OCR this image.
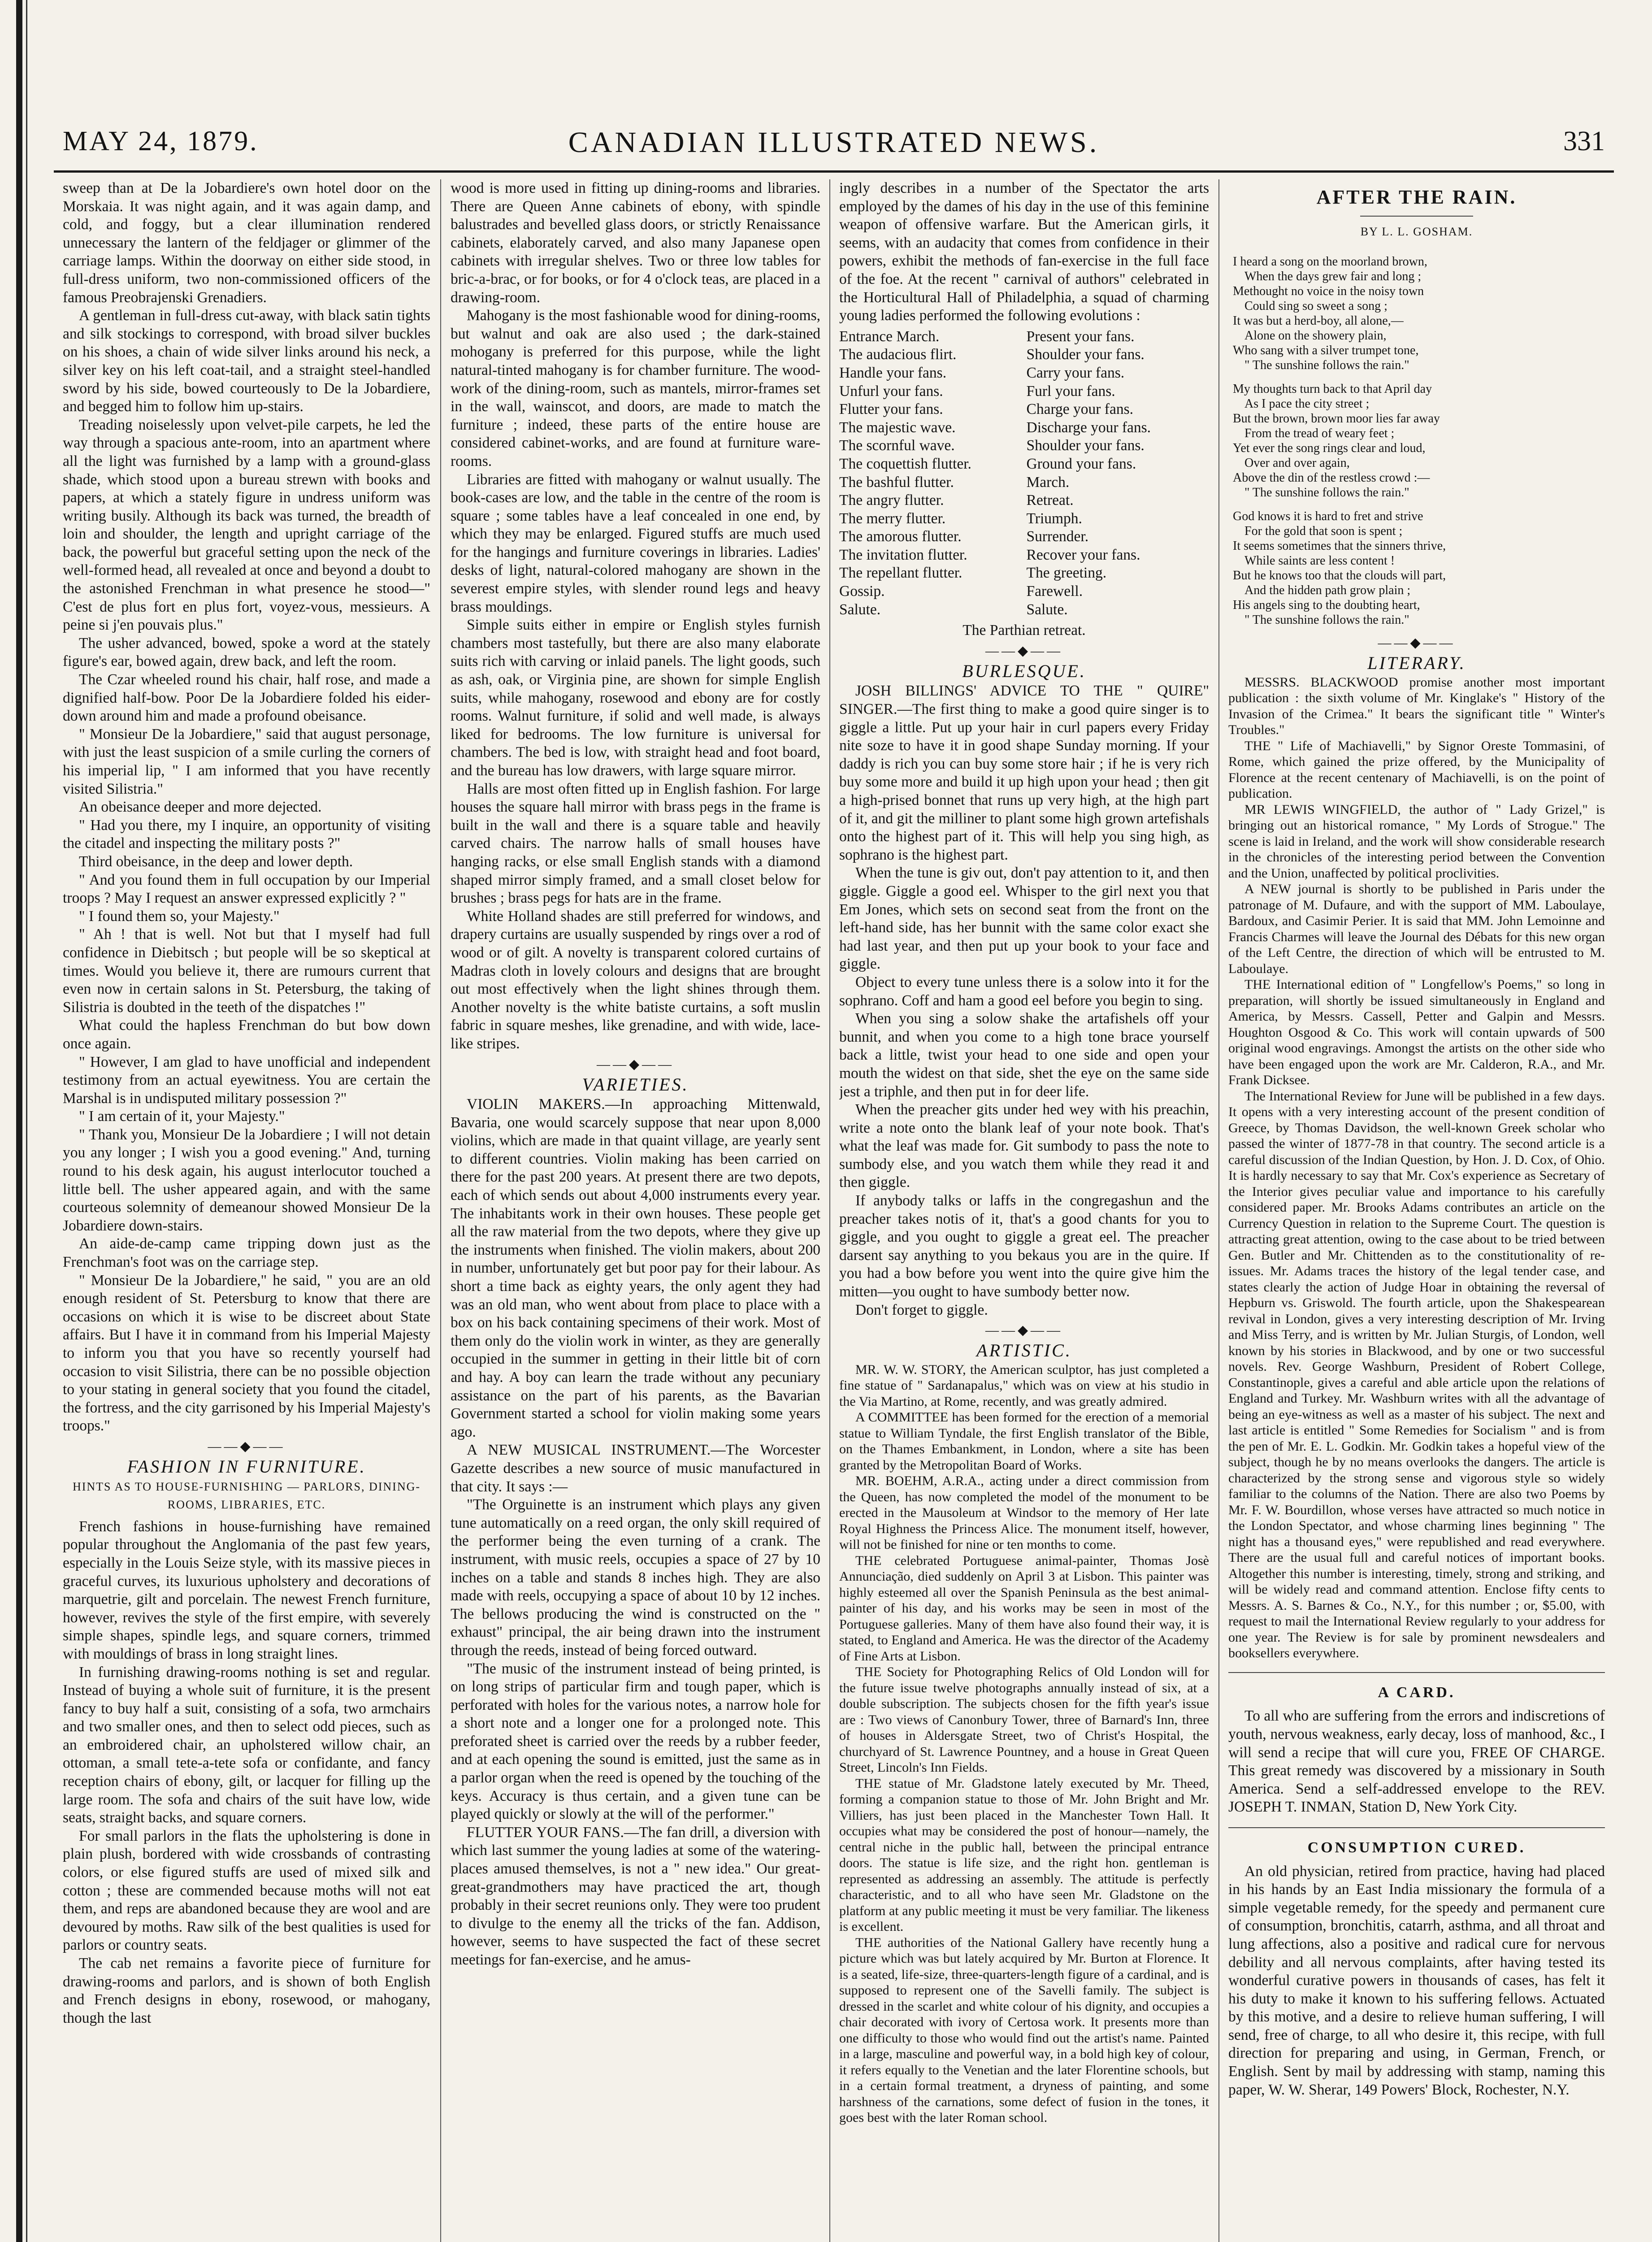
MAY 24, 1879.	CANADIAN ILLUSTRATED NEWS.	331

sweep than at De la Jobardiere's own hotel door on the Morskaia. It was night again, and it was again damp, and cold, and foggy, but a clear illumination rendered unnecessary the lantern of the feldjager or glimmer of the carriage lamps. Within the doorway on either side stood, in full-dress uniform, two non-commissioned officers of the famous Preobrajenski Grenadiers.

A gentleman in full-dress cut-away, with black satin tights and silk stockings to correspond, with broad silver buckles on his shoes, a chain of wide silver links around his neck, a silver key on his left coat-tail, and a straight steel-handled sword by his side, bowed courteously to De la Jobardiere, and begged him to follow him up-stairs.

Treading noiselessly upon velvet-pile carpets, he led the way through a spacious ante-room, into an apartment where all the light was furnished by a lamp with a ground-glass shade, which stood upon a bureau strewn with books and papers, at which a stately figure in undress uniform was writing busily. Although its back was turned, the breadth of loin and shoulder, the length and upright carriage of the back, the powerful but graceful setting upon the neck of the well-formed head, all revealed at once and beyond a doubt to the astonished Frenchman in what presence he stood—" C'est de plus fort en plus fort, voyez-vous, messieurs. A peine si j'en pouvais plus."

The usher advanced, bowed, spoke a word at the stately figure's ear, bowed again, drew back, and left the room.

The Czar wheeled round his chair, half rose, and made a dignified half-bow. Poor De la Jobardiere folded his eider-down around him and made a profound obeisance.

" Monsieur De la Jobardiere," said that august personage, with just the least suspicion of a smile curling the corners of his imperial lip, " I am informed that you have recently visited Silistria."

An obeisance deeper and more dejected.

" Had you there, my I inquire, an opportunity of visiting the citadel and inspecting the military posts ?"

Third obeisance, in the deep and lower depth.

" And you found them in full occupation by our Imperial troops ? May I request an answer expressed explicitly ? "

" I found them so, your Majesty."

" Ah ! that is well. Not but that I myself had full confidence in Diebitsch ; but people will be so skeptical at times. Would you believe it, there are rumours current that even now in certain salons in St. Petersburg, the taking of Silistria is doubted in the teeth of the dispatches !"

What could the hapless Frenchman do but bow down once again.

" However, I am glad to have unofficial and independent testimony from an actual eyewitness. You are certain the Marshal is in undisputed military possession ?"

" I am certain of it, your Majesty."

" Thank you, Monsieur De la Jobardiere ; I will not detain you any longer ; I wish you a good evening." And, turning round to his desk again, his august interlocutor touched a little bell. The usher appeared again, and with the same courteous solemnity of demeanour showed Monsieur De la Jobardiere down-stairs.

An aide-de-camp came tripping down just as the Frenchman's foot was on the carriage step.

" Monsieur De la Jobardiere," he said, " you are an old enough resident of St. Petersburg to know that there are occasions on which it is wise to be discreet about State affairs. But I have it in command from his Imperial Majesty to inform you that you have so recently yourself had occasion to visit Silistria, there can be no possible objection to your stating in general society that you found the citadel, the fortress, and the city garrisoned by his Imperial Majesty's troops."

——◆——
FASHION IN FURNITURE.
HINTS AS TO HOUSE-FURNISHING — PARLORS, DINING-ROOMS, LIBRARIES, ETC.

French fashions in house-furnishing have remained popular throughout the Anglomania of the past few years, especially in the Louis Seize style, with its massive pieces in graceful curves, its luxurious upholstery and decorations of marquetrie, gilt and porcelain. The newest French furniture, however, revives the style of the first empire, with severely simple shapes, spindle legs, and square corners, trimmed with mouldings of brass in long straight lines.

In furnishing drawing-rooms nothing is set and regular. Instead of buying a whole suit of furniture, it is the present fancy to buy half a suit, consisting of a sofa, two armchairs and two smaller ones, and then to select odd pieces, such as an embroidered chair, an upholstered willow chair, an ottoman, a small tete-a-tete sofa or confidante, and fancy reception chairs of ebony, gilt, or lacquer for filling up the large room. The sofa and chairs of the suit have low, wide seats, straight backs, and square corners.

For small parlors in the flats the upholstering is done in plain plush, bordered with wide crossbands of contrasting colors, or else figured stuffs are used of mixed silk and cotton ; these are commended because moths will not eat them, and reps are abandoned because they are wool and are devoured by moths. Raw silk of the best qualities is used for parlors or country seats.

The cab net remains a favorite piece of furniture for drawing-rooms and parlors, and is shown of both English and French designs in ebony, rosewood, or mahogany, though the last

wood is more used in fitting up dining-rooms and libraries. There are Queen Anne cabinets of ebony, with spindle balustrades and bevelled glass doors, or strictly Renaissance cabinets, elaborately carved, and also many Japanese open cabinets with irregular shelves. Two or three low tables for bric-a-brac, or for books, or for 4 o'clock teas, are placed in a drawing-room.

Mahogany is the most fashionable wood for dining-rooms, but walnut and oak are also used ; the dark-stained mohogany is preferred for this purpose, while the light natural-tinted mahogany is for chamber furniture. The wood-work of the dining-room, such as mantels, mirror-frames set in the wall, wainscot, and doors, are made to match the furniture ; indeed, these parts of the entire house are considered cabinet-works, and are found at furniture ware-rooms.

Libraries are fitted with mahogany or walnut usually. The book-cases are low, and the table in the centre of the room is square ; some tables have a leaf concealed in one end, by which they may be enlarged. Figured stuffs are much used for the hangings and furniture coverings in libraries. Ladies' desks of light, natural-colored mahogany are shown in the severest empire styles, with slender round legs and heavy brass mouldings.

Simple suits either in empire or English styles furnish chambers most tastefully, but there are also many elaborate suits rich with carving or inlaid panels. The light goods, such as ash, oak, or Virginia pine, are shown for simple English suits, while mahogany, rosewood and ebony are for costly rooms. Walnut furniture, if solid and well made, is always liked for bedrooms. The low furniture is universal for chambers. The bed is low, with straight head and foot board, and the bureau has low drawers, with large square mirror.

Halls are most often fitted up in English fashion. For large houses the square hall mirror with brass pegs in the frame is built in the wall and there is a square table and heavily carved chairs. The narrow halls of small houses have hanging racks, or else small English stands with a diamond shaped mirror simply framed, and a small closet below for brushes ; brass pegs for hats are in the frame.

White Holland shades are still preferred for windows, and drapery curtains are usually suspended by rings over a rod of wood or of gilt. A novelty is transparent colored curtains of Madras cloth in lovely colours and designs that are brought out most effectively when the light shines through them. Another novelty is the white batiste curtains, a soft muslin fabric in square meshes, like grenadine, and with wide, lace-like stripes.

——◆——
VARIETIES.

VIOLIN MAKERS.—In approaching Mittenwald, Bavaria, one would scarcely suppose that near upon 8,000 violins, which are made in that quaint village, are yearly sent to different countries. Violin making has been carried on there for the past 200 years. At present there are two depots, each of which sends out about 4,000 instruments every year. The inhabitants work in their own houses. These people get all the raw material from the two depots, where they give up the instruments when finished. The violin makers, about 200 in number, unfortunately get but poor pay for their labour. As short a time back as eighty years, the only agent they had was an old man, who went about from place to place with a box on his back containing specimens of their work. Most of them only do the violin work in winter, as they are generally occupied in the summer in getting in their little bit of corn and hay. A boy can learn the trade without any pecuniary assistance on the part of his parents, as the Bavarian Government started a school for violin making some years ago.

A NEW MUSICAL INSTRUMENT.—The Worcester Gazette describes a new source of music manufactured in that city. It says :—

"The Orguinette is an instrument which plays any given tune automatically on a reed organ, the only skill required of the performer being the even turning of a crank. The instrument, with music reels, occupies a space of 27 by 10 inches on a table and stands 8 inches high. They are also made with reels, occupying a space of about 10 by 12 inches. The bellows producing the wind is constructed on the " exhaust" principal, the air being drawn into the instrument through the reeds, instead of being forced outward.

"The music of the instrument instead of being printed, is on long strips of particular firm and tough paper, which is perforated with holes for the various notes, a narrow hole for a short note and a longer one for a prolonged note. This preforated sheet is carried over the reeds by a rubber feeder, and at each opening the sound is emitted, just the same as in a parlor organ when the reed is opened by the touching of the keys. Accuracy is thus certain, and a given tune can be played quickly or slowly at the will of the performer."

FLUTTER YOUR FANS.—The fan drill, a diversion with which last summer the young ladies at some of the watering-places amused themselves, is not a " new idea." Our great-great-grandmothers may have practiced the art, though probably in their secret reunions only. They were too prudent to divulge to the enemy all the tricks of the fan. Addison, however, seems to have suspected the fact of these secret meetings for fan-exercise, and he amus-

ingly describes in a number of the Spectator the arts employed by the dames of his day in the use of this feminine weapon of offensive warfare. But the American girls, it seems, with an audacity that comes from confidence in their powers, exhibit the methods of fan-exercise in the full face of the foe. At the recent " carnival of authors" celebrated in the Horticultural Hall of Philadelphia, a squad of charming young ladies performed the following evolutions :

Entrance March.	Present your fans.
The audacious flirt.	Shoulder your fans.
Handle your fans.	Carry your fans.
Unfurl your fans.	Furl your fans.
Flutter your fans.	Charge your fans.
The majestic wave.	Discharge your fans.
The scornful wave.	Shoulder your fans.
The coquettish flutter.	Ground your fans.
The bashful flutter.	March.
The angry flutter.	Retreat.
The merry flutter.	Triumph.
The amorous flutter.	Surrender.
The invitation flutter.	Recover your fans.
The repellant flutter.	The greeting.
Gossip.	Farewell.
Salute.	Salute.
The Parthian retreat.
——◆——
BURLESQUE.

JOSH BILLINGS' ADVICE TO THE " QUIRE" SINGER.—The first thing to make a good quire singer is to giggle a little. Put up your hair in curl papers every Friday nite soze to have it in good shape Sunday morning. If your daddy is rich you can buy some store hair ; if he is very rich buy some more and build it up high upon your head ; then git a high-prised bonnet that runs up very high, at the high part of it, and git the milliner to plant some high grown artefishals onto the highest part of it. This will help you sing high, as sophrano is the highest part.

When the tune is giv out, don't pay attention to it, and then giggle. Giggle a good eel. Whisper to the girl next you that Em Jones, which sets on second seat from the front on the left-hand side, has her bunnit with the same color exact she had last year, and then put up your book to your face and giggle.

Object to every tune unless there is a solow into it for the sophrano. Coff and ham a good eel before you begin to sing.

When you sing a solow shake the artafishels off your bunnit, and when you come to a high tone brace yourself back a little, twist your head to one side and open your mouth the widest on that side, shet the eye on the same side jest a triphle, and then put in for deer life.

When the preacher gits under hed wey with his preachin, write a note onto the blank leaf of your note book. That's what the leaf was made for. Git sumbody to pass the note to sumbody else, and you watch them while they read it and then giggle.

If anybody talks or laffs in the congregashun and the preacher takes notis of it, that's a good chants for you to giggle, and you ought to giggle a great eel. The preacher darsent say anything to you bekaus you are in the quire. If you had a bow before you went into the quire give him the mitten—you ought to have sumbody better now.

Don't forget to giggle.

——◆——
ARTISTIC.

MR. W. W. STORY, the American sculptor, has just completed a fine statue of " Sardanapalus," which was on view at his studio in the Via Martino, at Rome, recently, and was greatly admired.

A COMMITTEE has been formed for the erection of a memorial statue to William Tyndale, the first English translator of the Bible, on the Thames Embankment, in London, where a site has been granted by the Metropolitan Board of Works.

MR. BOEHM, A.R.A., acting under a direct commission from the Queen, has now completed the model of the monument to be erected in the Mausoleum at Windsor to the memory of Her late Royal Highness the Princess Alice. The monument itself, however, will not be finished for nine or ten months to come.

THE celebrated Portuguese animal-painter, Thomas Josè Annunciação, died suddenly on April 3 at Lisbon. This painter was highly esteemed all over the Spanish Peninsula as the best animal-painter of his day, and his works may be seen in most of the Portuguese galleries. Many of them have also found their way, it is stated, to England and America. He was the director of the Academy of Fine Arts at Lisbon.

THE Society for Photographing Relics of Old London will for the future issue twelve photographs annually instead of six, at a double subscription. The subjects chosen for the fifth year's issue are : Two views of Canonbury Tower, three of Barnard's Inn, three of houses in Aldersgate Street, two of Christ's Hospital, the churchyard of St. Lawrence Pountney, and a house in Great Queen Street, Lincoln's Inn Fields.

THE statue of Mr. Gladstone lately executed by Mr. Theed, forming a companion statue to those of Mr. John Bright and Mr. Villiers, has just been placed in the Manchester Town Hall. It occupies what may be considered the post of honour—namely, the central niche in the public hall, between the principal entrance doors. The statue is life size, and the right hon. gentleman is represented as addressing an assembly. The attitude is perfectly characteristic, and to all who have seen Mr. Gladstone on the platform at any public meeting it must be very familiar. The likeness is excellent.

THE authorities of the National Gallery have recently hung a picture which was but lately acquired by Mr. Burton at Florence. It is a seated, life-size, three-quarters-length figure of a cardinal, and is supposed to represent one of the Savelli family. The subject is dressed in the scarlet and white colour of his dignity, and occupies a chair decorated with ivory of Certosa work. It presents more than one difficulty to those who would find out the artist's name. Painted in a large, masculine and powerful way, in a bold high key of colour, it refers equally to the Venetian and the later Florentine schools, but in a certain formal treatment, a dryness of painting, and some harshness of the carnations, some defect of fusion in the tones, it goes best with the later Roman school.

AFTER THE RAIN.
BY L. L. GOSHAM.
I heard a song on the moorland brown,
When the days grew fair and long ;
Methought no voice in the noisy town
Could sing so sweet a song ;
It was but a herd-boy, all alone,—
Alone on the showery plain,
Who sang with a silver trumpet tone,
" The sunshine follows the rain."
My thoughts turn back to that April day
As I pace the city street ;
But the brown, brown moor lies far away
From the tread of weary feet ;
Yet ever the song rings clear and loud,
Over and over again,
Above the din of the restless crowd :—
" The sunshine follows the rain."
God knows it is hard to fret and strive
For the gold that soon is spent ;
It seems sometimes that the sinners thrive,
While saints are less content !
But he knows too that the clouds will part,
And the hidden path grow plain ;
His angels sing to the doubting heart,
" The sunshine follows the rain."
——◆——
LITERARY.

MESSRS. BLACKWOOD promise another most important publication : the sixth volume of Mr. Kinglake's " History of the Invasion of the Crimea." It bears the significant title " Winter's Troubles."

THE " Life of Machiavelli," by Signor Oreste Tommasini, of Rome, which gained the prize offered, by the Municipality of Florence at the recent centenary of Machiavelli, is on the point of publication.

MR LEWIS WINGFIELD, the author of " Lady Grizel," is bringing out an historical romance, " My Lords of Strogue." The scene is laid in Ireland, and the work will show considerable research in the chronicles of the interesting period between the Convention and the Union, unaffected by political proclivities.

A NEW journal is shortly to be published in Paris under the patronage of M. Dufaure, and with the support of MM. Laboulaye, Bardoux, and Casimir Perier. It is said that MM. John Lemoinne and Francis Charmes will leave the Journal des Débats for this new organ of the Left Centre, the direction of which will be entrusted to M. Laboulaye.

THE International edition of " Longfellow's Poems," so long in preparation, will shortly be issued simultaneously in England and America, by Messrs. Cassell, Petter and Galpin and Messrs. Houghton Osgood & Co. This work will contain upwards of 500 original wood engravings. Amongst the artists on the other side who have been engaged upon the work are Mr. Calderon, R.A., and Mr. Frank Dicksee.

The International Review for June will be published in a few days. It opens with a very interesting account of the present condition of Greece, by Thomas Davidson, the well-known Greek scholar who passed the winter of 1877-78 in that country. The second article is a careful discussion of the Indian Question, by Hon. J. D. Cox, of Ohio. It is hardly necessary to say that Mr. Cox's experience as Secretary of the Interior gives peculiar value and importance to his carefully considered paper. Mr. Brooks Adams contributes an article on the Currency Question in relation to the Supreme Court. The question is attracting great attention, owing to the case about to be tried between Gen. Butler and Mr. Chittenden as to the constitutionality of re-issues. Mr. Adams traces the history of the legal tender case, and states clearly the action of Judge Hoar in obtaining the reversal of Hepburn vs. Griswold. The fourth article, upon the Shakespearean revival in London, gives a very interesting description of Mr. Irving and Miss Terry, and is written by Mr. Julian Sturgis, of London, well known by his stories in Blackwood, and by one or two successful novels. Rev. George Washburn, President of Robert College, Constantinople, gives a careful and able article upon the relations of England and Turkey. Mr. Washburn writes with all the advantage of being an eye-witness as well as a master of his subject. The next and last article is entitled " Some Remedies for Socialism " and is from the pen of Mr. E. L. Godkin. Mr. Godkin takes a hopeful view of the subject, though he by no means overlooks the dangers. The article is characterized by the strong sense and vigorous style so widely familiar to the columns of the Nation. There are also two Poems by Mr. F. W. Bourdillon, whose verses have attracted so much notice in the London Spectator, and whose charming lines beginning " The night has a thousand eyes," were republished and read everywhere. There are the usual full and careful notices of important books. Altogether this number is interesting, timely, strong and striking, and will be widely read and command attention. Enclose fifty cents to Messrs. A. S. Barnes & Co., N.Y., for this number ; or, $5.00, with request to mail the International Review regularly to your address for one year. The Review is for sale by prominent newsdealers and booksellers everywhere.

A CARD.

To all who are suffering from the errors and indiscretions of youth, nervous weakness, early decay, loss of manhood, &c., I will send a recipe that will cure you, FREE OF CHARGE. This great remedy was discovered by a missionary in South America. Send a self-addressed envelope to the REV. JOSEPH T. INMAN, Station D, New York City.

CONSUMPTION CURED.

An old physician, retired from practice, having had placed in his hands by an East India missionary the formula of a simple vegetable remedy, for the speedy and permanent cure of consumption, bronchitis, catarrh, asthma, and all throat and lung affections, also a positive and radical cure for nervous debility and all nervous complaints, after having tested its wonderful curative powers in thousands of cases, has felt it his duty to make it known to his suffering fellows. Actuated by this motive, and a desire to relieve human suffering, I will send, free of charge, to all who desire it, this recipe, with full direction for preparing and using, in German, French, or English. Sent by mail by addressing with stamp, naming this paper, W. W. Sherar, 149 Powers' Block, Rochester, N.Y.
